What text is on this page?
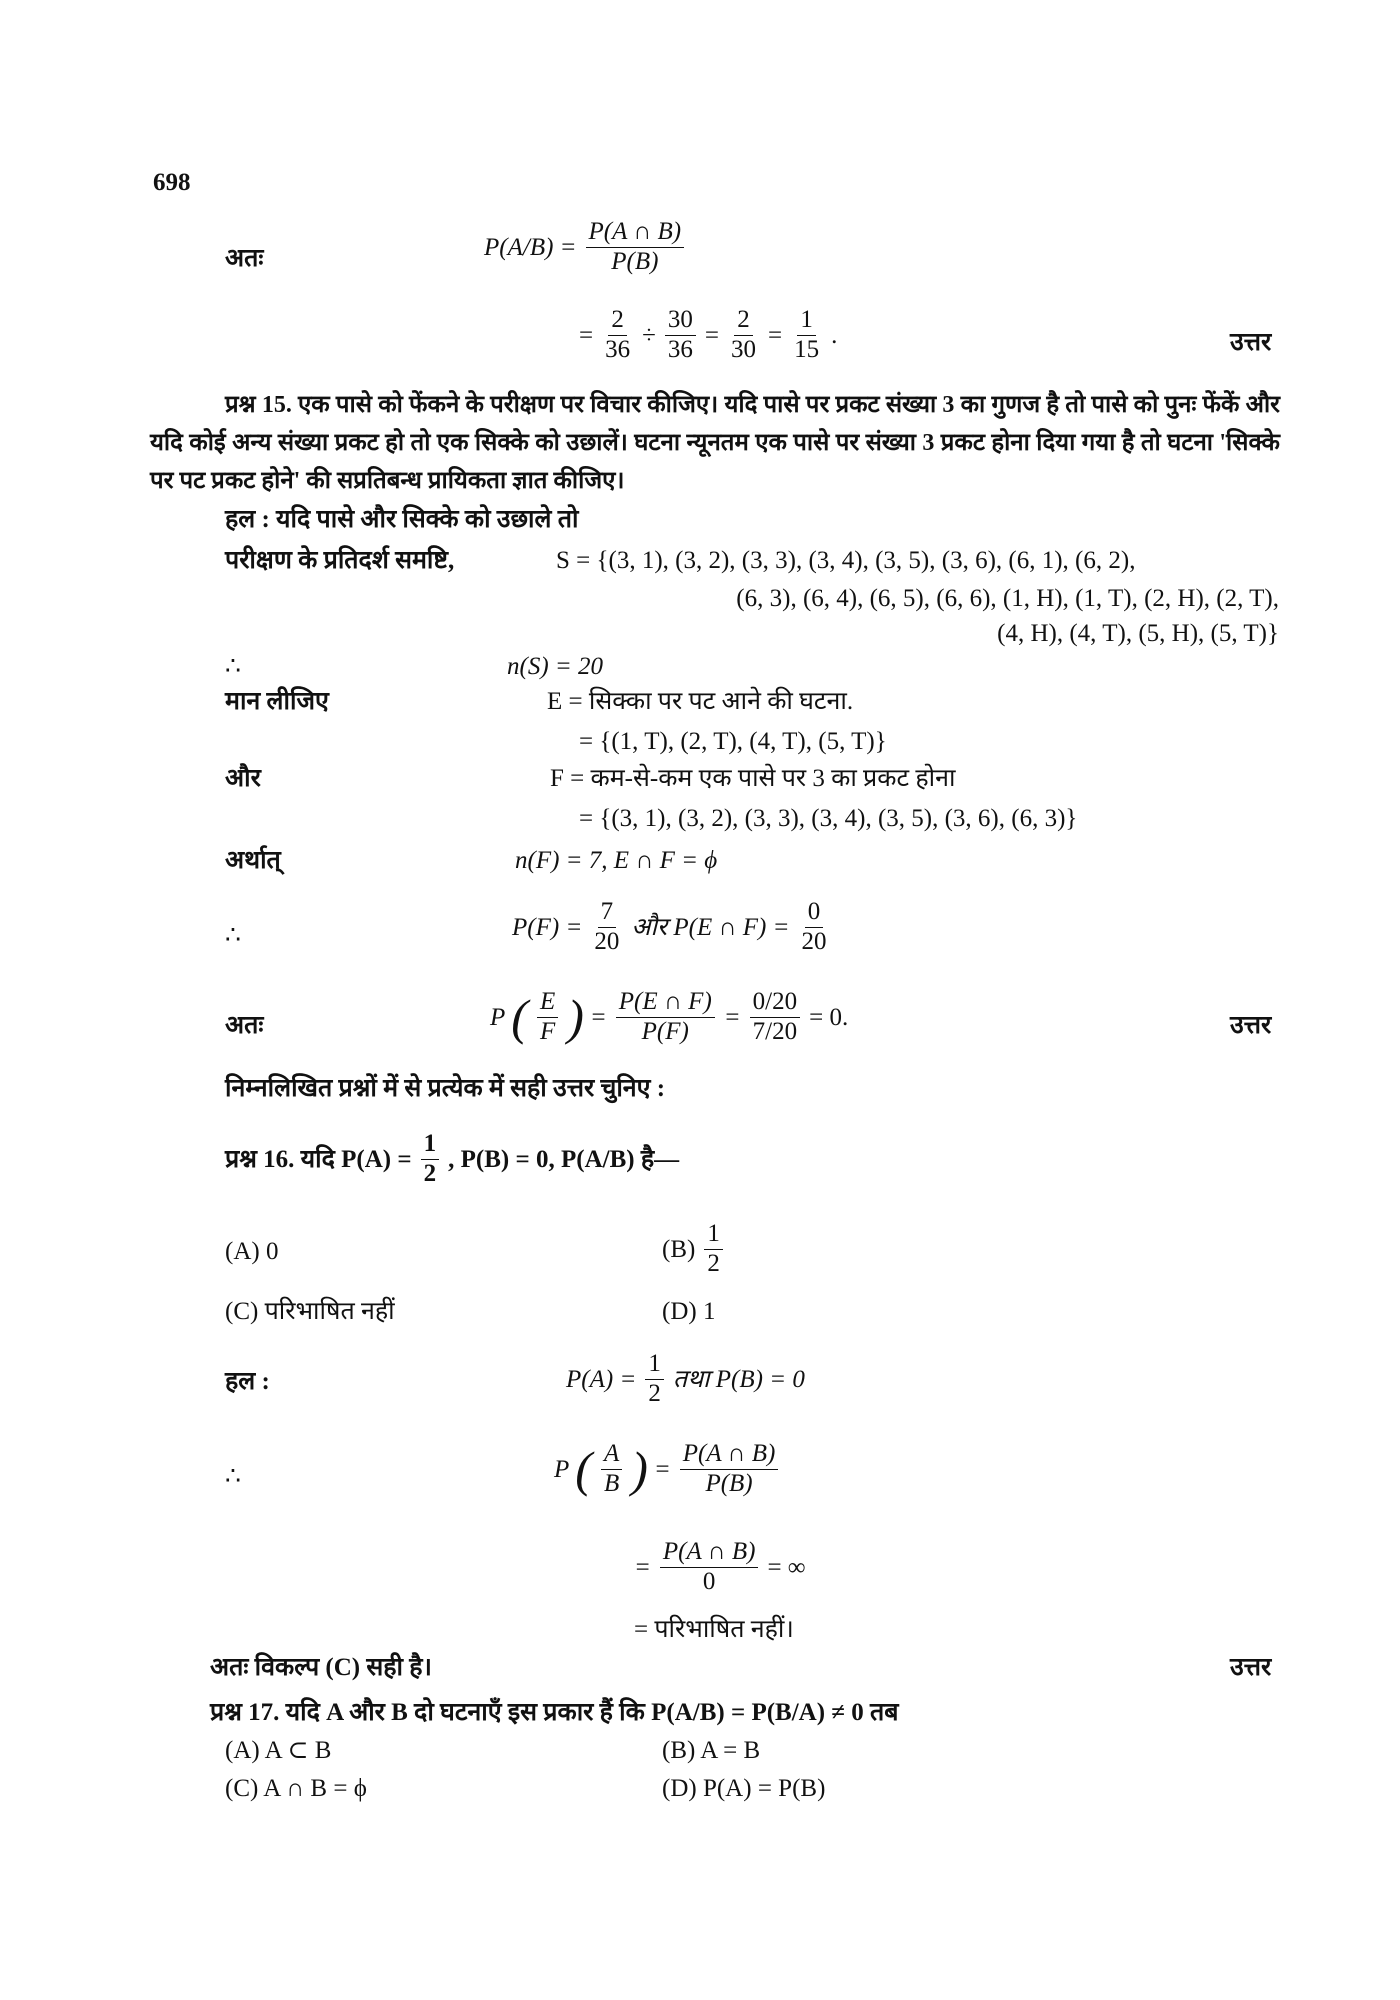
698
अतः	$P(A/B) = \frac{P(A \cap B)}{P(B)}$
= $\frac{2}{36} \div \frac{30}{36} = \frac{2}{30} = \frac{1}{15}$ .	उत्तर
प्रश्न 15. एक पासे को फेंकने के परीक्षण पर विचार कीजिए। यदि पासे पर प्रकट संख्या 3 का गुणज है तो पासे को पुनः फेंकें और यदि कोई अन्य संख्या प्रकट हो तो एक सिक्के को उछालें। घटना न्यूनतम एक पासे पर संख्या 3 प्रकट होना दिया गया है तो घटना 'सिक्के पर पट प्रकट होने' की सप्रतिबन्ध प्रायिकता ज्ञात कीजिए।
हल : यदि पासे और सिक्के को उछाले तो
परीक्षण के प्रतिदर्श समष्टि,	S = {(3, 1), (3, 2), (3, 3), (3, 4), (3, 5), (3, 6), (6, 1), (6, 2),
(6, 3), (6, 4), (6, 5), (6, 6), (1, H), (1, T), (2, H), (2, T),
(4, H), (4, T), (5, H), (5, T)}
∴	n(S) = 20
मान लीजिए	E = सिक्का पर पट आने की घटना.
= {(1, T), (2, T), (4, T), (5, T)}
और	F = कम-से-कम एक पासे पर 3 का प्रकट होना
= {(3, 1), (3, 2), (3, 3), (3, 4), (3, 5), (3, 6), (6, 3)}
अर्थात्	n(F) = 7, E ∩ F = ϕ
∴	$P(F) = \frac{7}{20}$ और P(E ∩ $F) = \frac{0}{20}$
अतः	P ( $\frac{E}{F}$ ) = $\frac{P(E \cap F)}{P(F)} = \frac{0/20}{7/20} = 0$.	उत्तर
निम्नलिखित प्रश्नों में से प्रत्येक में सही उत्तर चुनिए :
प्रश्न 16. यदि $P(A) = \frac{1}{2}$ , P(B) = 0, P(A/B) है—
(A) 0	$(B) \frac{1}{2}$
(C) परिभाषित नहीं	(D) 1
हल :	$P(A) = \frac{1}{2}$ तथा P(B) = 0
∴	P ( $\frac{A}{B}$ ) = $\frac{P(A \cap B)}{P(B)}$
= $\frac{P(A \cap B)}{0}$ = ∞
= परिभाषित नहीं।
अतः विकल्प (C) सही है।	उत्तर
प्रश्न 17. यदि A और B दो घटनाएँ इस प्रकार हैं कि P(A/B) = P(B/A) ≠ 0 तब
(A) A ⊂ B	(B) A = B
(C) A ∩ B = ϕ	(D) P(A) = P(B)
